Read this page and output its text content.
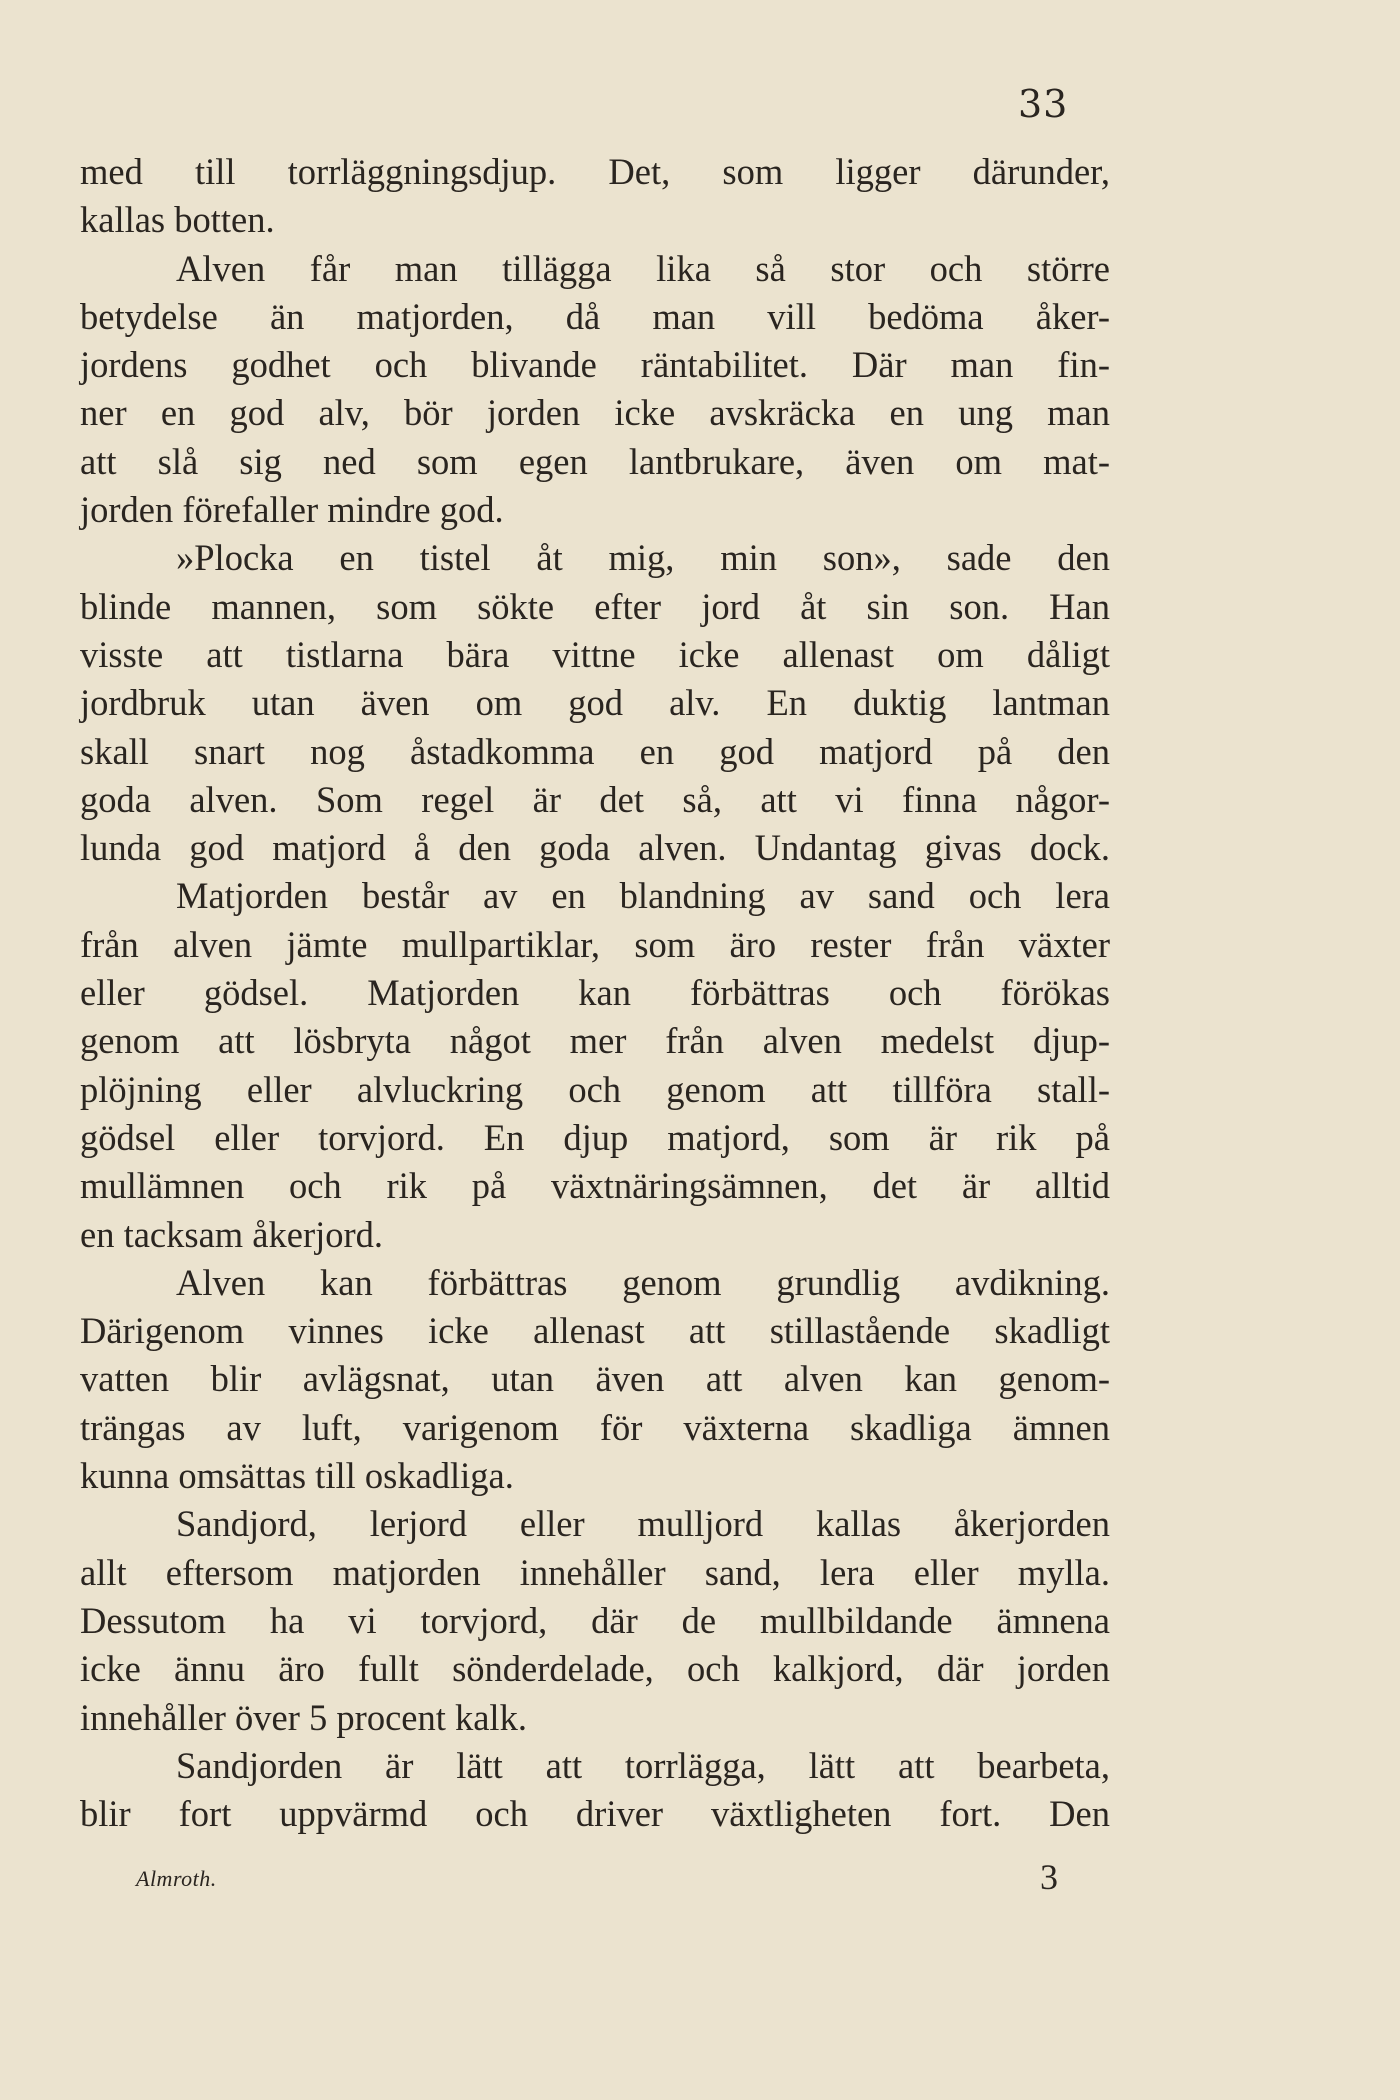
33
med till torrläggningsdjup. Det, som ligger därunder,
kallas botten.
Alven får man tillägga lika så stor och större
betydelse än matjorden, då man vill bedöma åker-
jordens godhet och blivande räntabilitet. Där man fin-
ner en god alv, bör jorden icke avskräcka en ung man
att slå sig ned som egen lantbrukare, även om mat-
jorden förefaller mindre god.
»Plocka en tistel åt mig, min son», sade den
blinde mannen, som sökte efter jord åt sin son. Han
visste att tistlarna bära vittne icke allenast om dåligt
jordbruk utan även om god alv. En duktig lantman
skall snart nog åstadkomma en god matjord på den
goda alven. Som regel är det så, att vi finna någor-
lunda god matjord å den goda alven. Undantag givas dock.
Matjorden består av en blandning av sand och lera
från alven jämte mullpartiklar, som äro rester från växter
eller gödsel. Matjorden kan förbättras och förökas
genom att lösbryta något mer från alven medelst djup-
plöjning eller alvluckring och genom att tillföra stall-
gödsel eller torvjord. En djup matjord, som är rik på
mullämnen och rik på växtnäringsämnen, det är alltid
en tacksam åkerjord.
Alven kan förbättras genom grundlig avdikning.
Därigenom vinnes icke allenast att stillastående skadligt
vatten blir avlägsnat, utan även att alven kan genom-
trängas av luft, varigenom för växterna skadliga ämnen
kunna omsättas till oskadliga.
Sandjord, lerjord eller mulljord kallas åkerjorden
allt eftersom matjorden innehåller sand, lera eller mylla.
Dessutom ha vi torvjord, där de mullbildande ämnena
icke ännu äro fullt sönderdelade, och kalkjord, där jorden
innehåller över 5 procent kalk.
Sandjorden är lätt att torrlägga, lätt att bearbeta,
blir fort uppvärmd och driver växtligheten fort. Den
Almroth.	3
